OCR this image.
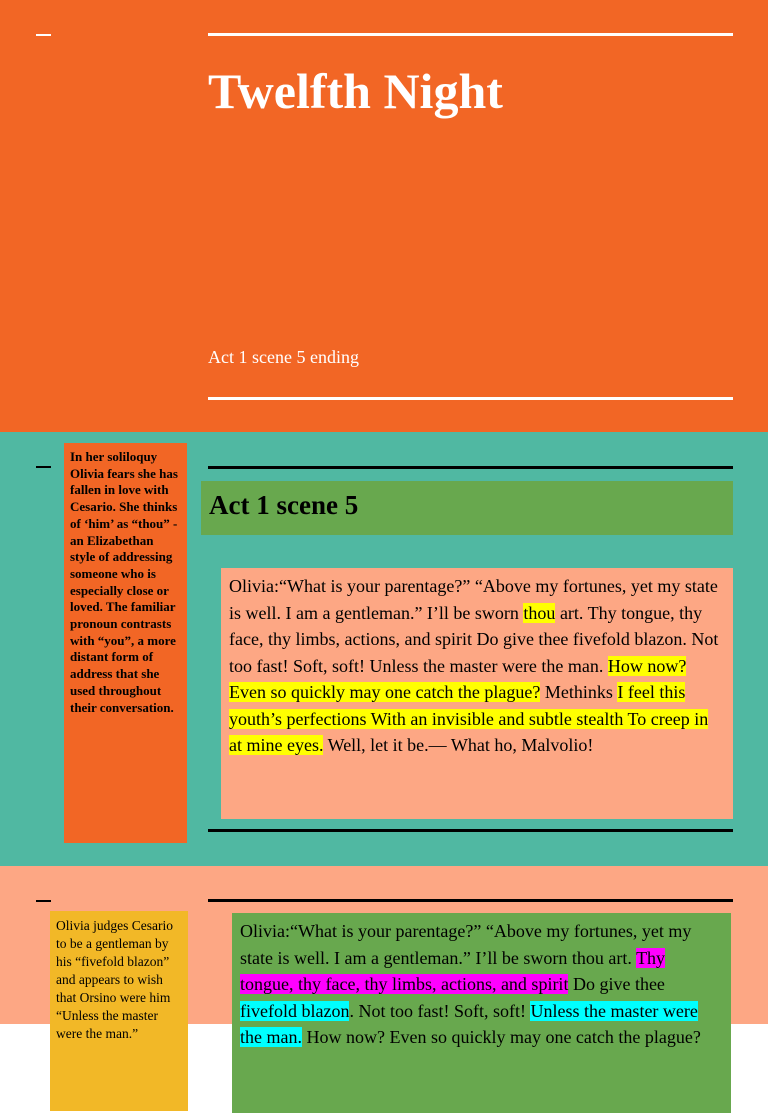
Twelfth Night
Act 1 scene 5 ending
In her soliloquy Olivia fears she has fallen in love with Cesario. She thinks of ‘him’ as “thou” - an Elizabethan style of addressing someone who is especially close or loved. The familiar pronoun contrasts with “you”, a more distant form of address that she used throughout their conversation.
Act 1 scene 5
Olivia:“What is your parentage?” “Above my fortunes, yet my state is well. I am a gentleman.” I’ll be sworn thou art. Thy tongue, thy face, thy limbs, actions, and spirit Do give thee fivefold blazon. Not too fast! Soft, soft! Unless the master were the man. How now? Even so quickly may one catch the plague? Methinks I feel this youth’s perfections With an invisible and subtle stealth To creep in at mine eyes. Well, let it be.— What ho, Malvolio!
Olivia judges Cesario to be a gentleman by his “fivefold blazon” and appears to wish that Orsino were him “Unless the master were the man.”
Olivia:“What is your parentage?” “Above my fortunes, yet my state is well. I am a gentleman.” I’ll be sworn thou art. Thy tongue, thy face, thy limbs, actions, and spirit Do give thee fivefold blazon. Not too fast! Soft, soft! Unless the master were the man. How now? Even so quickly may one catch the plague?
